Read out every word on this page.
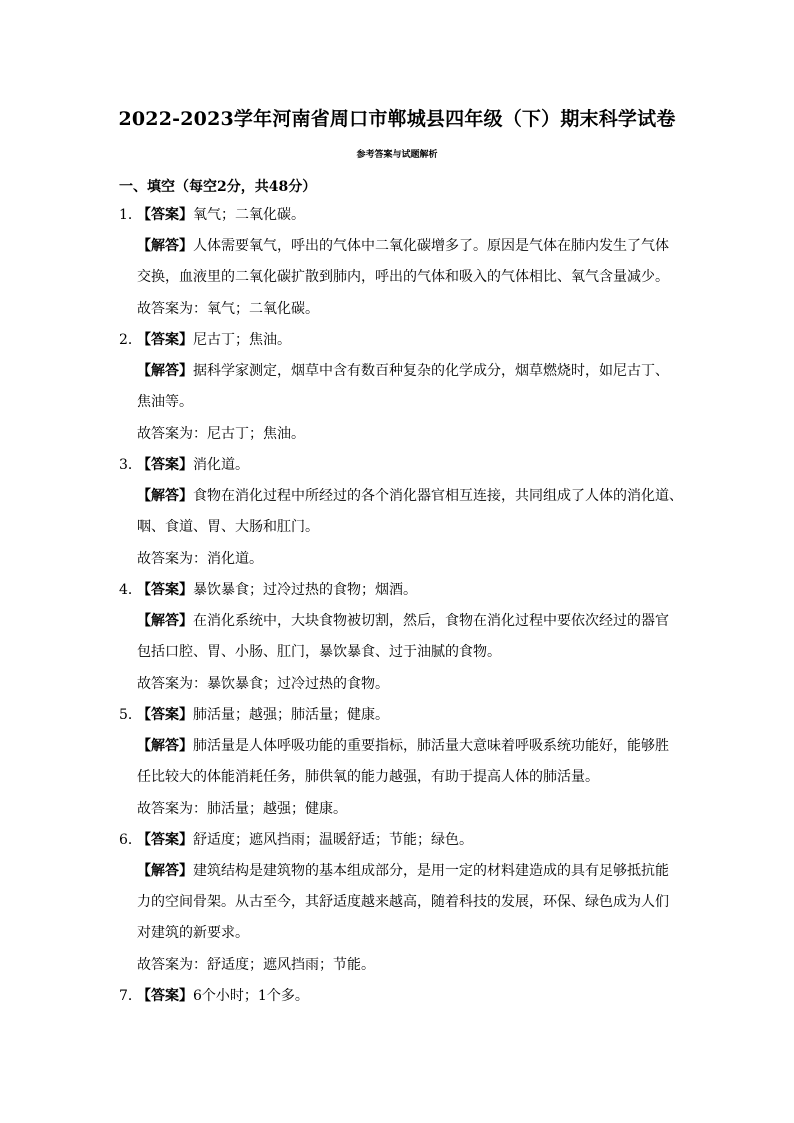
2022-2023学年河南省周口市郸城县四年级（下）期末科学试卷
参考答案与试题解析
一、填空（每空2分，共48分）
1．【答案】氧气；二氧化碳。
【解答】人体需要氧气，呼出的气体中二氧化碳增多了。原因是气体在肺内发生了气体
交换，血液里的二氧化碳扩散到肺内，呼出的气体和吸入的气体相比、氧气含量减少。
故答案为：氧气；二氧化碳。
2．【答案】尼古丁；焦油。
【解答】据科学家测定，烟草中含有数百种复杂的化学成分，烟草燃烧时，如尼古丁、
焦油等。
故答案为：尼古丁；焦油。
3．【答案】消化道。
【解答】食物在消化过程中所经过的各个消化器官相互连接，共同组成了人体的消化道、
咽、食道、胃、大肠和肛门。
故答案为：消化道。
4．【答案】暴饮暴食；过冷过热的食物；烟酒。
【解答】在消化系统中，大块食物被切割，然后，食物在消化过程中要依次经过的器官
包括口腔、胃、小肠、肛门，暴饮暴食、过于油腻的食物。
故答案为：暴饮暴食；过冷过热的食物。
5．【答案】肺活量；越强；肺活量；健康。
【解答】肺活量是人体呼吸功能的重要指标，肺活量大意味着呼吸系统功能好，能够胜
任比较大的体能消耗任务，肺供氧的能力越强，有助于提高人体的肺活量。
故答案为：肺活量；越强；健康。
6．【答案】舒适度；遮风挡雨；温暖舒适；节能；绿色。
【解答】建筑结构是建筑物的基本组成部分，是用一定的材料建造成的具有足够抵抗能
力的空间骨架。从古至今，其舒适度越来越高，随着科技的发展，环保、绿色成为人们
对建筑的新要求。
故答案为：舒适度；遮风挡雨；节能。
7．【答案】6个小时；1个多。
